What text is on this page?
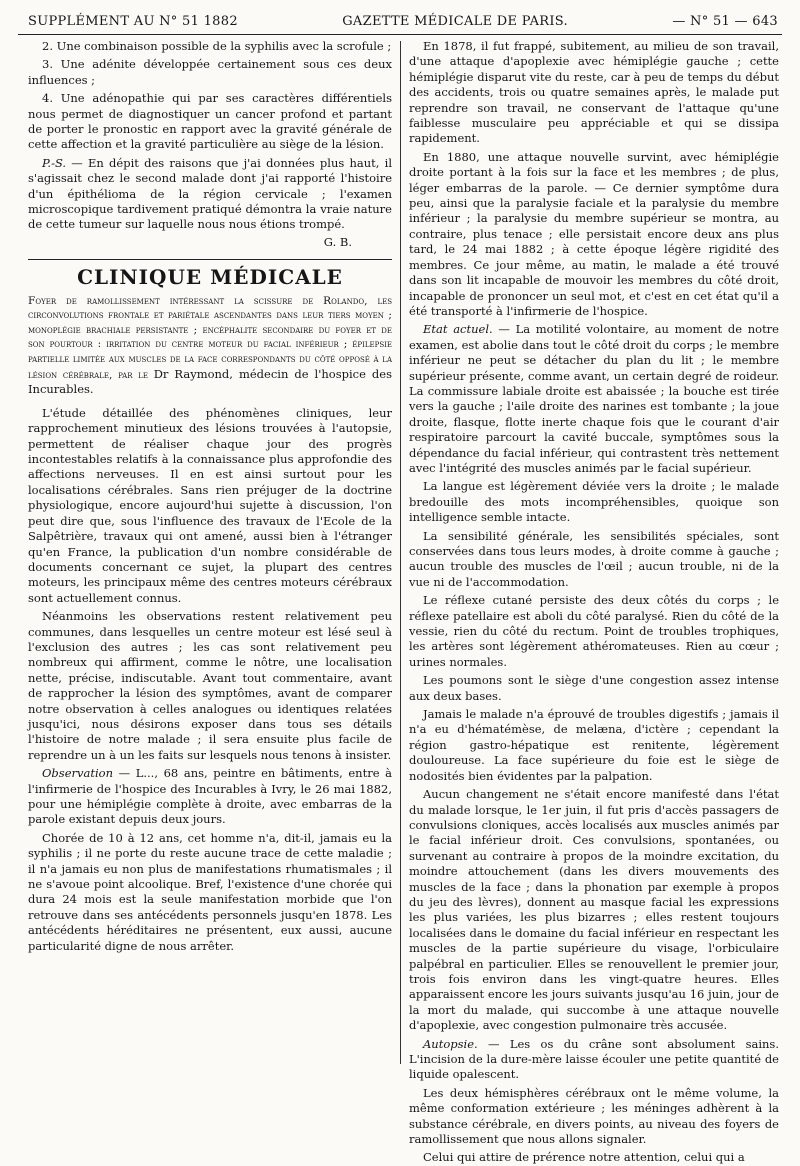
SUPPLÉMENT AU N° 51 1882	GAZETTE MÉDICALE DE PARIS.	— N° 51 — 643

2. Une combinaison possible de la syphilis avec la scrofule ;

3. Une adénite développée certainement sous ces deux influences ;

4. Une adénopathie qui par ses caractères différentiels nous permet de diagnostiquer un cancer profond et partant de porter le pronostic en rapport avec la gravité générale de cette affection et la gravité particulière au siège de la lésion.

P.-S. — En dépit des raisons que j'ai données plus haut, il s'agissait chez le second malade dont j'ai rapporté l'histoire d'un épithélioma de la région cervicale ; l'examen microscopique tardivement pratiqué démontra la vraie nature de cette tumeur sur laquelle nous nous étions trompé.

G. B.

CLINIQUE MÉDICALE
Foyer de ramollissement intéressant la scissure de Rolando, les circonvolutions frontale et pariétale ascendantes dans leur tiers moyen ; monoplégie brachiale persistante ; encéphalite secondaire du foyer et de son pourtour : irritation du centre moteur du facial inférieur ; épilepsie partielle limitée aux muscles de la face correspondants du côté opposé à la lésion cérébrale, par le Dr Raymond, médecin de l'hospice des Incurables.

L'étude détaillée des phénomènes cliniques, leur rapprochement minutieux des lésions trouvées à l'autopsie, permettent de réaliser chaque jour des progrès incontestables relatifs à la connaissance plus approfondie des affections nerveuses. Il en est ainsi surtout pour les localisations cérébrales. Sans rien préjuger de la doctrine physiologique, encore aujourd'hui sujette à discussion, l'on peut dire que, sous l'influence des travaux de l'Ecole de la Salpêtrière, travaux qui ont amené, aussi bien à l'étranger qu'en France, la publication d'un nombre considérable de documents concernant ce sujet, la plupart des centres moteurs, les principaux même des centres moteurs cérébraux sont actuellement connus.

Néanmoins les observations restent relativement peu communes, dans lesquelles un centre moteur est lésé seul à l'exclusion des autres ; les cas sont relativement peu nombreux qui affirment, comme le nôtre, une localisation nette, précise, indiscutable. Avant tout commentaire, avant de rapprocher la lésion des symptômes, avant de comparer notre observation à celles analogues ou identiques relatées jusqu'ici, nous désirons exposer dans tous ses détails l'histoire de notre malade ; il sera ensuite plus facile de reprendre un à un les faits sur lesquels nous tenons à insister.

Observation — L..., 68 ans, peintre en bâtiments, entre à l'infirmerie de l'hospice des Incurables à Ivry, le 26 mai 1882, pour une hémiplégie complète à droite, avec embarras de la parole existant depuis deux jours.

Chorée de 10 à 12 ans, cet homme n'a, dit-il, jamais eu la syphilis ; il ne porte du reste aucune trace de cette maladie ; il n'a jamais eu non plus de manifestations rhumatismales ; il ne s'avoue point alcoolique. Bref, l'existence d'une chorée qui dura 24 mois est la seule manifestation morbide que l'on retrouve dans ses antécédents personnels jusqu'en 1878. Les antécédents héréditaires ne présentent, eux aussi, aucune particularité digne de nous arrêter.

En 1878, il fut frappé, subitement, au milieu de son travail, d'une attaque d'apoplexie avec hémiplégie gauche ; cette hémiplégie disparut vite du reste, car à peu de temps du début des accidents, trois ou quatre semaines après, le malade put reprendre son travail, ne conservant de l'attaque qu'une faiblesse musculaire peu appréciable et qui se dissipa rapidement.

En 1880, une attaque nouvelle survint, avec hémiplégie droite portant à la fois sur la face et les membres ; de plus, léger embarras de la parole. — Ce dernier symptôme dura peu, ainsi que la paralysie faciale et la paralysie du membre inférieur ; la paralysie du membre supérieur se montra, au contraire, plus tenace ; elle persistait encore deux ans plus tard, le 24 mai 1882 ; à cette époque légère rigidité des membres. Ce jour même, au matin, le malade a été trouvé dans son lit incapable de mouvoir les membres du côté droit, incapable de prononcer un seul mot, et c'est en cet état qu'il a été transporté à l'infirmerie de l'hospice.

Etat actuel. — La motilité volontaire, au moment de notre examen, est abolie dans tout le côté droit du corps ; le membre inférieur ne peut se détacher du plan du lit ; le membre supérieur présente, comme avant, un certain degré de roideur. La commissure labiale droite est abaissée ; la bouche est tirée vers la gauche ; l'aile droite des narines est tombante ; la joue droite, flasque, flotte inerte chaque fois que le courant d'air respiratoire parcourt la cavité buccale, symptômes sous la dépendance du facial inférieur, qui contrastent très nettement avec l'intégrité des muscles animés par le facial supérieur.

La langue est légèrement déviée vers la droite ; le malade bredouille des mots incompréhensibles, quoique son intelligence semble intacte.

La sensibilité générale, les sensibilités spéciales, sont conservées dans tous leurs modes, à droite comme à gauche ; aucun trouble des muscles de l'œil ; aucun trouble, ni de la vue ni de l'accommodation.

Le réflexe cutané persiste des deux côtés du corps ; le réflexe patellaire est aboli du côté paralysé. Rien du côté de la vessie, rien du côté du rectum. Point de troubles trophiques, les artères sont légèrement athéromateuses. Rien au cœur ; urines normales.

Les poumons sont le siège d'une congestion assez intense aux deux bases.

Jamais le malade n'a éprouvé de troubles digestifs ; jamais il n'a eu d'hématémèse, de melæna, d'ictère ; cependant la région gastro-hépatique est renitente, légèrement douloureuse. La face supérieure du foie est le siège de nodosités bien évidentes par la palpation.

Aucun changement ne s'était encore manifesté dans l'état du malade lorsque, le 1er juin, il fut pris d'accès passagers de convulsions cloniques, accès localisés aux muscles animés par le facial inférieur droit. Ces convulsions, spontanées, ou survenant au contraire à propos de la moindre excitation, du moindre attouchement (dans les divers mouvements des muscles de la face ; dans la phonation par exemple à propos du jeu des lèvres), donnent au masque facial les expressions les plus variées, les plus bizarres ; elles restent toujours localisées dans le domaine du facial inférieur en respectant les muscles de la partie supérieure du visage, l'orbiculaire palpébral en particulier. Elles se renouvellent le premier jour, trois fois environ dans les vingt-quatre heures. Elles apparaissent encore les jours suivants jusqu'au 16 juin, jour de la mort du malade, qui succombe à une attaque nouvelle d'apoplexie, avec congestion pulmonaire très accusée.

Autopsie. — Les os du crâne sont absolument sains. L'incision de la dure-mère laisse écouler une petite quantité de liquide opalescent.

Les deux hémisphères cérébraux ont le même volume, la même conformation extérieure ; les méninges adhèrent à la substance cérébrale, en divers points, au niveau des foyers de ramollissement que nous allons signaler.

Celui qui attire de prérence notre attention, celui qui a
